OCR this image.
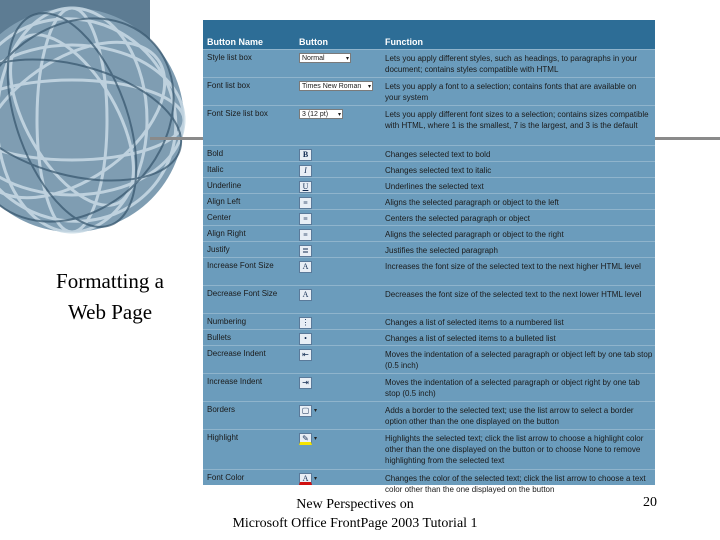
Formatting a Web Page
Button Name	Button	Function
Style list box	Normal	▾	Lets you apply different styles, such as headings, to paragraphs in your document; contains styles compatible with HTML
Font list box	Times New Roman ▾ Lets you apply a font to a selection; contains fonts that are available on your system
Font Size list box	3 (12 pt) ▾	Lets you apply different font sizes to a selection; contains sizes compatible with HTML, where 1 is the smallest, 7 is the largest, and 3 is the default
Bold	B	Changes selected text to bold
Italic	I	Changes selected text to italic
Underline	U	Underlines the selected text
Align Left	≡	Aligns the selected paragraph or object to the left
Center	≡	Centers the selected paragraph or object
Align Right	≡	Aligns the selected paragraph or object to the right
Justify	≣	Justifies the selected paragraph
Increase Font Size	A	Increases the font size of the selected text to the next higher HTML level
Decrease Font Size	A	Decreases the font size of the selected text to the next lower HTML level
Numbering	⋮	Changes a list of selected items to a numbered list
Bullets	•	Changes a list of selected items to a bulleted list
Decrease Indent	⇤	Moves the indentation of a selected paragraph or object left by one tab stop (0.5 inch)
Increase Indent	⇥	Moves the indentation of a selected paragraph or object right by one tab stop (0.5 inch)
Borders	▢ ▾	Adds a border to the selected text; use the list arrow to select a border option other than the one displayed on the button
Highlight	✎ ▾	Highlights the selected text; click the list arrow to choose a highlight color other than the one displayed on the button or to choose None to remove highlighting from the selected text
Font Color	A ▾	Changes the color of the selected text; click the list arrow to choose a text color other than the one displayed on the button
New Perspectives on
Microsoft Office FrontPage 2003 Tutorial 1
20
